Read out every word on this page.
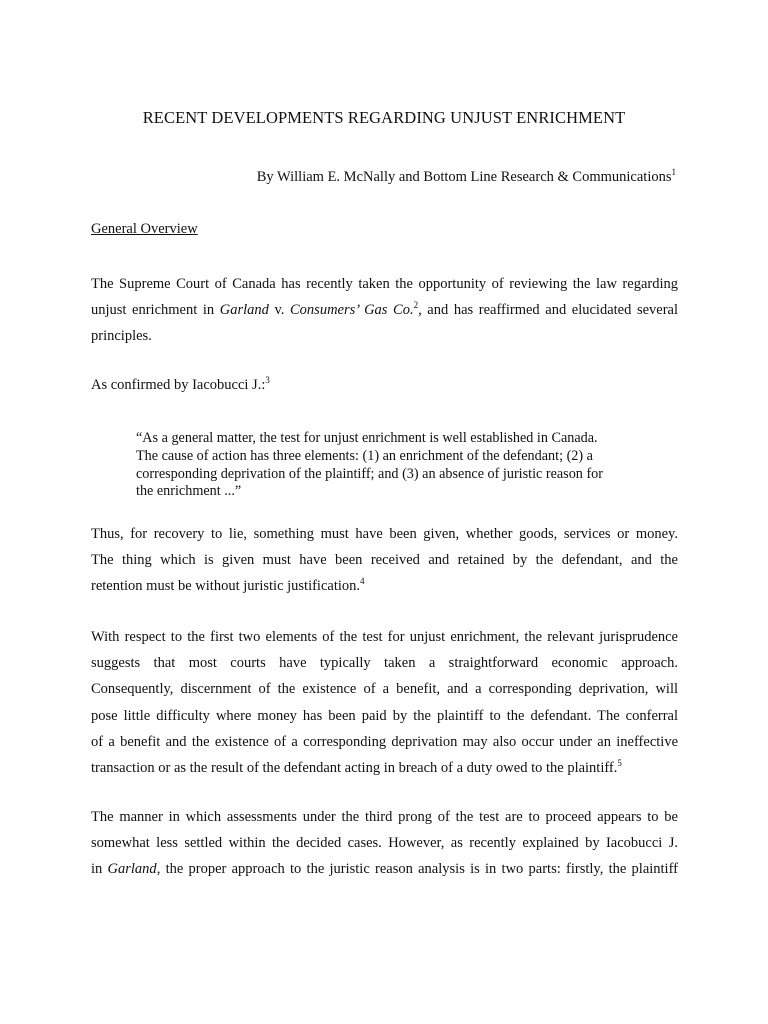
RECENT DEVELOPMENTS REGARDING UNJUST ENRICHMENT
By William E. McNally and Bottom Line Research & Communications$^1$
General Overview
The Supreme Court of Canada has recently taken the opportunity of reviewing the law regarding
unjust enrichment in Garland v. Consumers’ Gas Co.$^2$, and has reaffirmed and elucidated several
principles.
As confirmed by Iacobucci J.:$^3$
“As a general matter, the test for unjust enrichment is well established in Canada.
The cause of action has three elements: (1) an enrichment of the defendant; (2) a
corresponding deprivation of the plaintiff; and (3) an absence of juristic reason for
the enrichment ...”
Thus, for recovery to lie, something must have been given, whether goods, services or money.
The thing which is given must have been received and retained by the defendant, and the
retention must be without juristic justification.$^4$
With respect to the first two elements of the test for unjust enrichment, the relevant jurisprudence
suggests that most courts have typically taken a straightforward economic approach.
Consequently, discernment of the existence of a benefit, and a corresponding deprivation, will
pose little difficulty where money has been paid by the plaintiff to the defendant. The conferral
of a benefit and the existence of a corresponding deprivation may also occur under an ineffective
transaction or as the result of the defendant acting in breach of a duty owed to the plaintiff.$^5$
The manner in which assessments under the third prong of the test are to proceed appears to be
somewhat less settled within the decided cases. However, as recently explained by Iacobucci J.
in Garland, the proper approach to the juristic reason analysis is in two parts: firstly, the plaintiff
